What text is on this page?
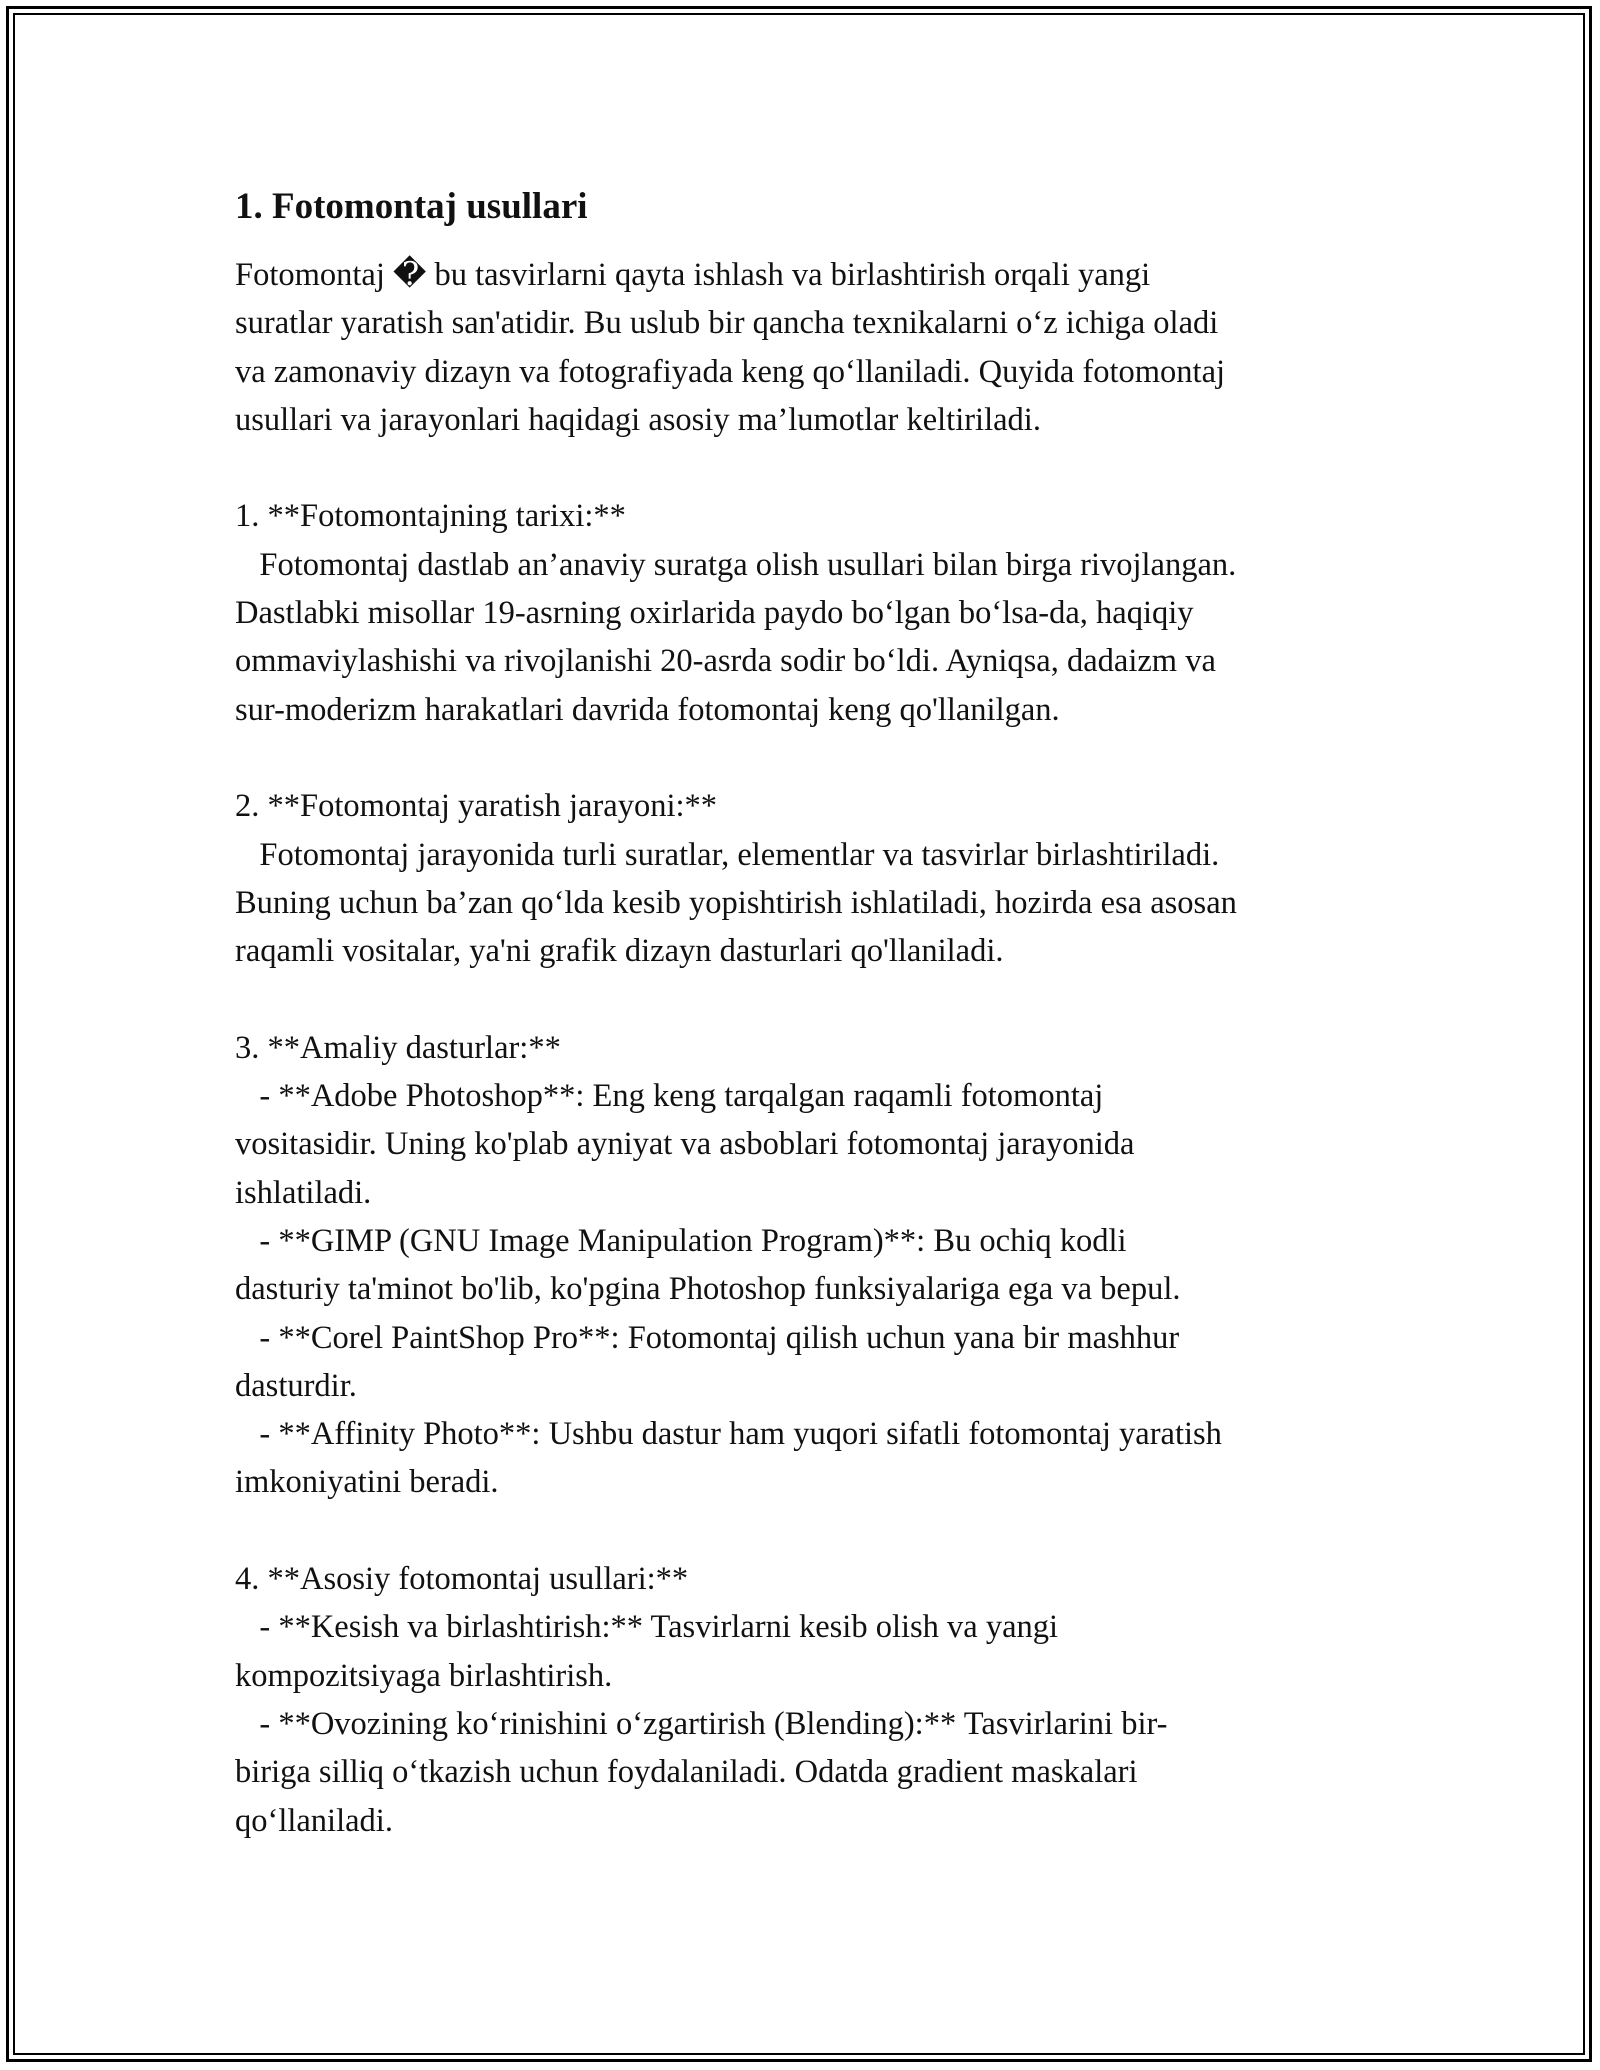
1. Fotomontaj usullari
Fotomontaj � bu tasvirlarni qayta ishlash va birlashtirish orqali yangi
suratlar yaratish san'atidir. Bu uslub bir qancha texnikalarni o‘z ichiga oladi
va zamonaviy dizayn va fotografiyada keng qo‘llaniladi. Quyida fotomontaj
usullari va jarayonlari haqidagi asosiy ma’lumotlar keltiriladi.
1. **Fotomontajning tarixi:**
Fotomontaj dastlab an’anaviy suratga olish usullari bilan birga rivojlangan.
Dastlabki misollar 19-asrning oxirlarida paydo bo‘lgan bo‘lsa-da, haqiqiy
ommaviylashishi va rivojlanishi 20-asrda sodir bo‘ldi. Ayniqsa, dadaizm va
sur-moderizm harakatlari davrida fotomontaj keng qo'llanilgan.
2. **Fotomontaj yaratish jarayoni:**
Fotomontaj jarayonida turli suratlar, elementlar va tasvirlar birlashtiriladi.
Buning uchun ba’zan qo‘lda kesib yopishtirish ishlatiladi, hozirda esa asosan
raqamli vositalar, ya'ni grafik dizayn dasturlari qo'llaniladi.
3. **Amaliy dasturlar:**
- **Adobe Photoshop**: Eng keng tarqalgan raqamli fotomontaj
vositasidir. Uning ko'plab ayniyat va asboblari fotomontaj jarayonida
ishlatiladi.
- **GIMP (GNU Image Manipulation Program)**: Bu ochiq kodli
dasturiy ta'minot bo'lib, ko'pgina Photoshop funksiyalariga ega va bepul.
- **Corel PaintShop Pro**: Fotomontaj qilish uchun yana bir mashhur
dasturdir.
- **Affinity Photo**: Ushbu dastur ham yuqori sifatli fotomontaj yaratish
imkoniyatini beradi.
4. **Asosiy fotomontaj usullari:**
- **Kesish va birlashtirish:** Tasvirlarni kesib olish va yangi
kompozitsiyaga birlashtirish.
- **Ovozining ko‘rinishini o‘zgartirish (Blending):** Tasvirlarini bir-
biriga silliq o‘tkazish uchun foydalaniladi. Odatda gradient maskalari
qo‘llaniladi.
